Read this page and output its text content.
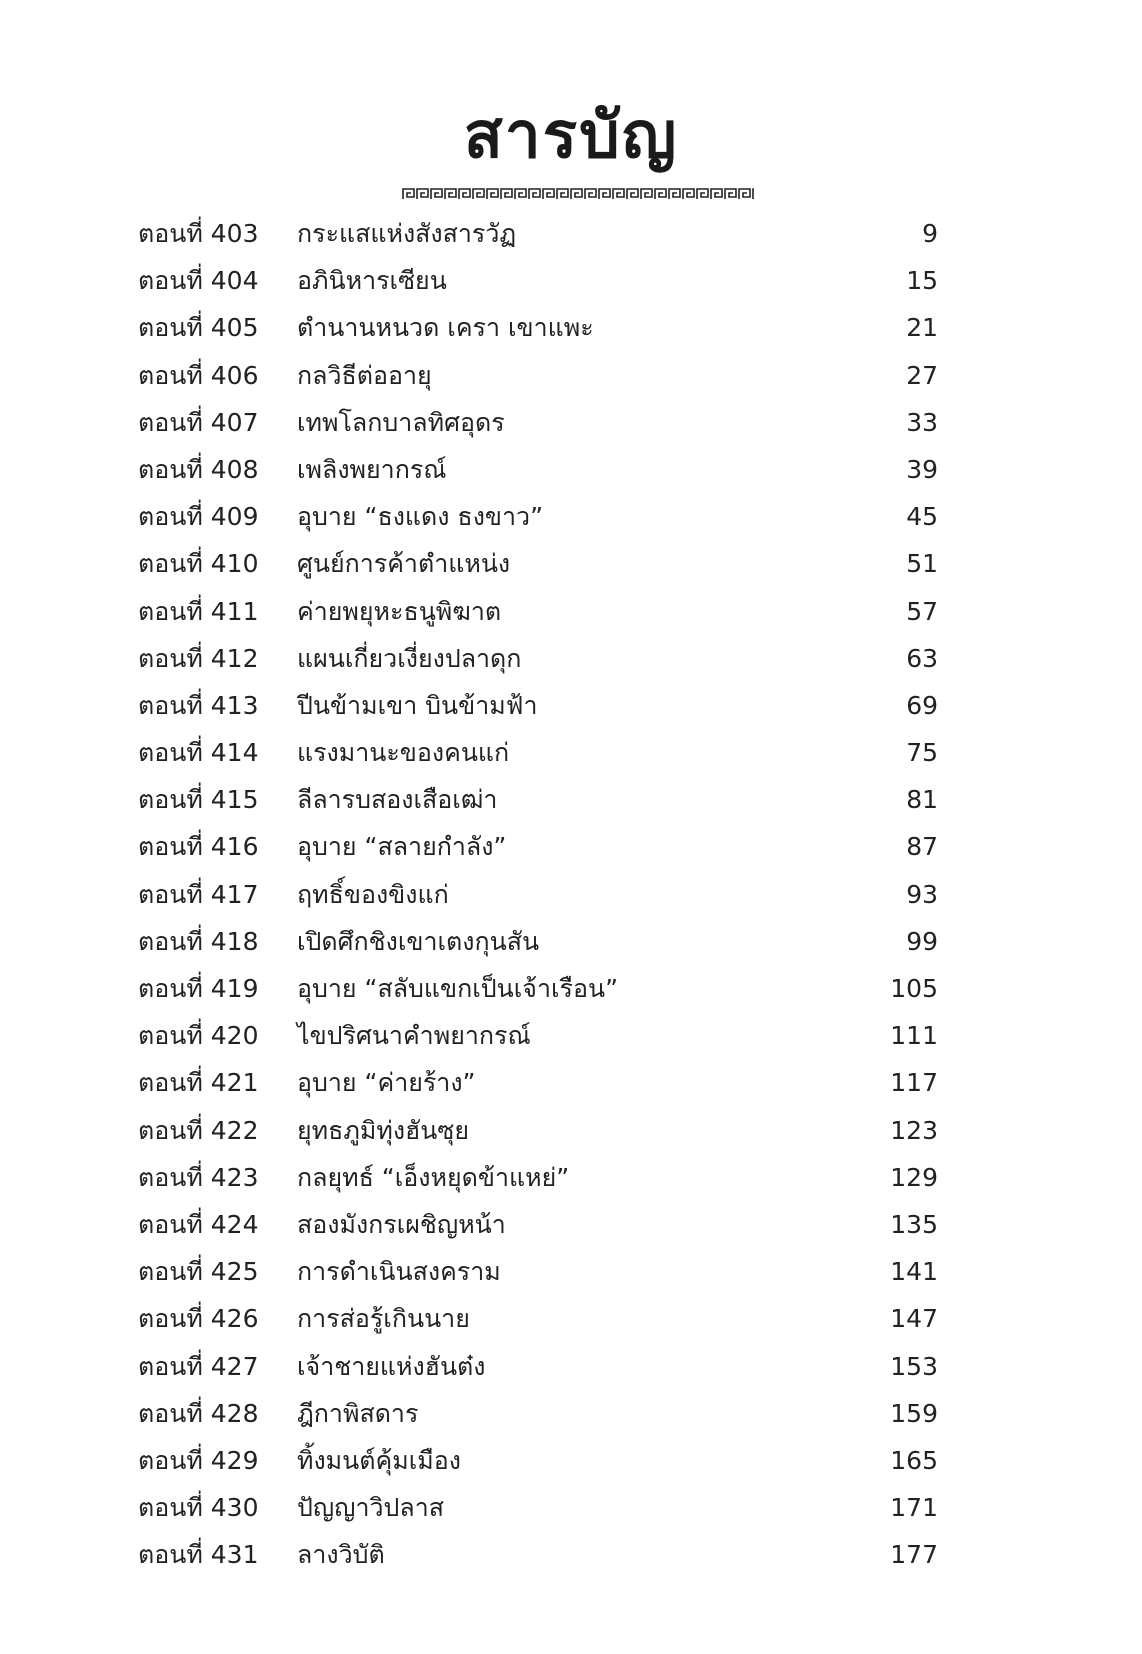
สารบัญ
ตอนที่ 403 กระแสแห่งสังสารวัฏ	9
ตอนที่ 404 อภินิหารเซียน	15
ตอนที่ 405 ตำนานหนวด เครา เขาแพะ	21
ตอนที่ 406 กลวิธีต่ออายุ	27
ตอนที่ 407 เทพโลกบาลทิศอุดร	33
ตอนที่ 408 เพลิงพยากรณ์	39
ตอนที่ 409 อุบาย “ธงแดง ธงขาว”	45
ตอนที่ 410 ศูนย์การค้าตำแหน่ง	51
ตอนที่ 411 ค่ายพยุหะธนูพิฆาต	57
ตอนที่ 412 แผนเกี่ยวเงี่ยงปลาดุก	63
ตอนที่ 413 ปีนข้ามเขา บินข้ามฟ้า	69
ตอนที่ 414 แรงมานะของคนแก่	75
ตอนที่ 415 ลีลารบสองเสือเฒ่า	81
ตอนที่ 416 อุบาย “สลายกำลัง”	87
ตอนที่ 417 ฤทธิ์ของขิงแก่	93
ตอนที่ 418 เปิดศึกชิงเขาเตงกุนสัน	99
ตอนที่ 419 อุบาย “สลับแขกเป็นเจ้าเรือน”	105
ตอนที่ 420 ไขปริศนาคำพยากรณ์	111
ตอนที่ 421 อุบาย “ค่ายร้าง”	117
ตอนที่ 422 ยุทธภูมิทุ่งฮันซุย	123
ตอนที่ 423 กลยุทธ์ “เอ็งหยุดข้าแหย่”	129
ตอนที่ 424 สองมังกรเผชิญหน้า	135
ตอนที่ 425 การดำเนินสงคราม	141
ตอนที่ 426 การส่อรู้เกินนาย	147
ตอนที่ 427 เจ้าชายแห่งฮันต๋ง	153
ตอนที่ 428 ฎีกาพิสดาร	159
ตอนที่ 429 ทิ้งมนต์คุ้มเมือง	165
ตอนที่ 430 ปัญญาวิปลาส	171
ตอนที่ 431 ลางวิบัติ	177
